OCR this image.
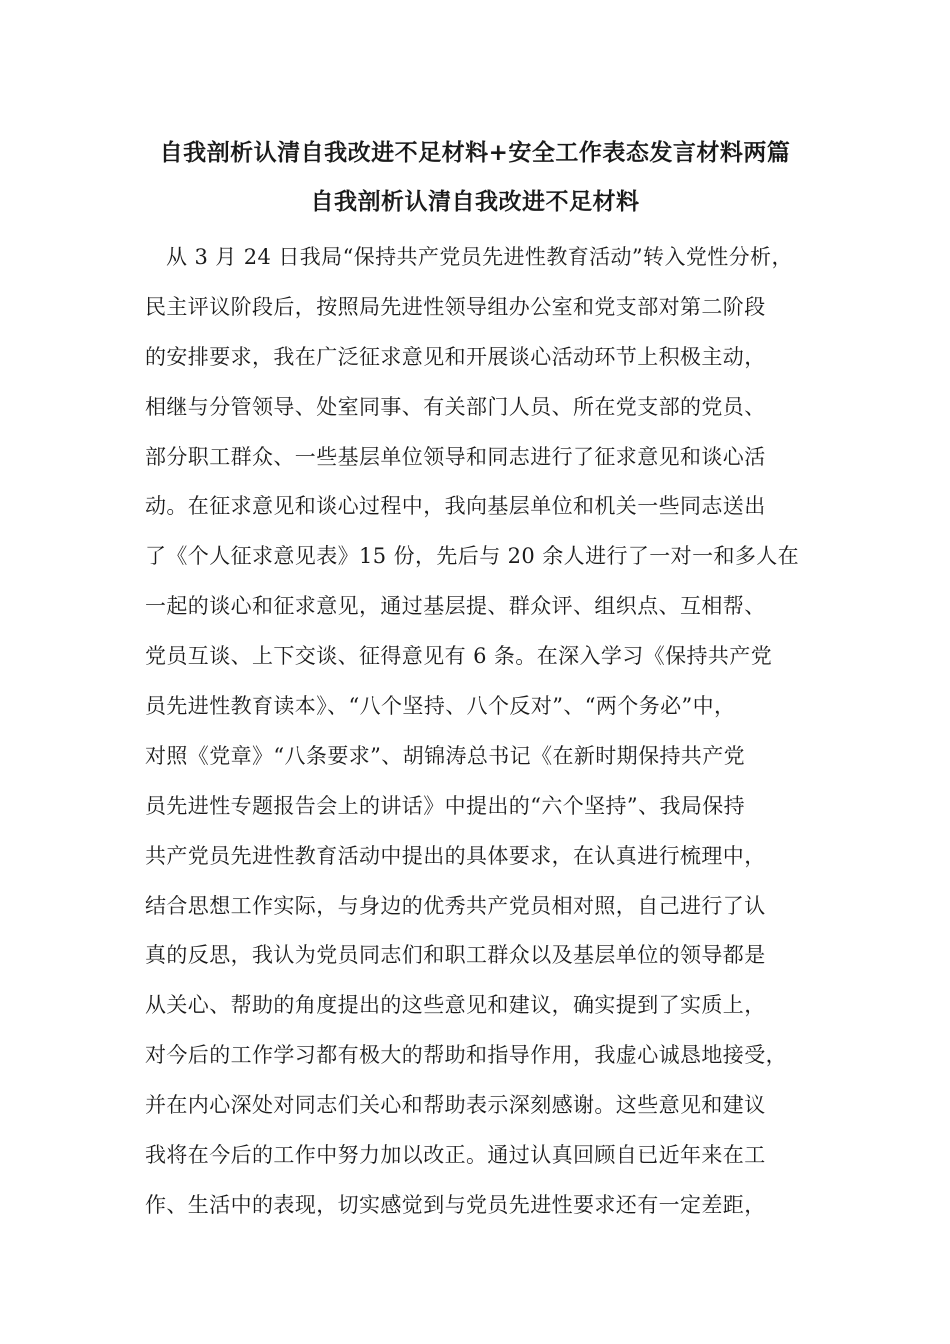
自我剖析认清自我改进不足材料+安全工作表态发言材料两篇
自我剖析认清自我改进不足材料
从 3 月 24 日我局“保持共产党员先进性教育活动”转入党性分析，
民主评议阶段后，按照局先进性领导组办公室和党支部对第二阶段
的安排要求，我在广泛征求意见和开展谈心活动环节上积极主动，
相继与分管领导、处室同事、有关部门人员、所在党支部的党员、
部分职工群众、一些基层单位领导和同志进行了征求意见和谈心活
动。在征求意见和谈心过程中，我向基层单位和机关一些同志送出
了《个人征求意见表》15 份，先后与 20 余人进行了一对一和多人在
一起的谈心和征求意见，通过基层提、群众评、组织点、互相帮、
党员互谈、上下交谈、征得意见有 6 条。在深入学习《保持共产党
员先进性教育读本》、“八个坚持、八个反对”、“两个务必”中，
对照《党章》“八条要求”、胡锦涛总书记《在新时期保持共产党
员先进性专题报告会上的讲话》中提出的“六个坚持”、我局保持
共产党员先进性教育活动中提出的具体要求，在认真进行梳理中，
结合思想工作实际，与身边的优秀共产党员相对照，自己进行了认
真的反思，我认为党员同志们和职工群众以及基层单位的领导都是
从关心、帮助的角度提出的这些意见和建议，确实提到了实质上，
对今后的工作学习都有极大的帮助和指导作用，我虚心诚恳地接受，
并在内心深处对同志们关心和帮助表示深刻感谢。这些意见和建议
我将在今后的工作中努力加以改正。通过认真回顾自已近年来在工
作、生活中的表现，切实感觉到与党员先进性要求还有一定差距，
